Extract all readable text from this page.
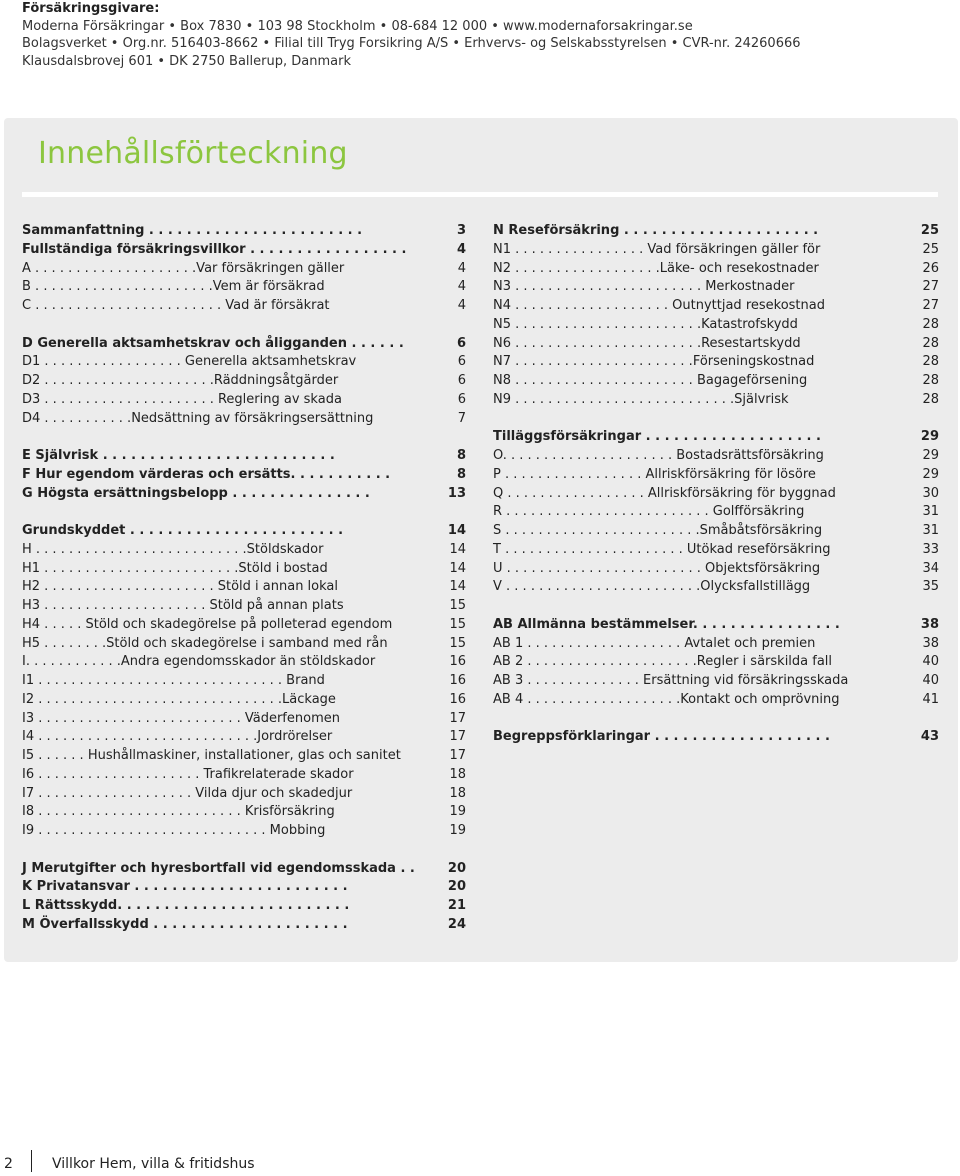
Försäkringsgivare:
Moderna Försäkringar • Box 7830 • 103 98 Stockholm • 08-684 12 000 • www.modernaforsakringar.se
Bolagsverket • Org.nr. 516403-8662 • Filial till Tryg Forsikring A/S • Erhvervs- og Selskabsstyrelsen • CVR-nr. 24260666
Klausdalsbrovej 601 • DK 2750 Ballerup, Danmark
Innehållsförteckning
Sammanfattning . . . . . . . . . . . . . . . . . . . . . . .	3
Fullständiga försäkringsvillkor . . . . . . . . . . . . . . . . .	4
A . . . . . . . . . . . . . . . . . . . .Var försäkringen gäller	4
B . . . . . . . . . . . . . . . . . . . . . .Vem är försäkrad	4
C . . . . . . . . . . . . . . . . . . . . . . . Vad är försäkrat	4
D Generella aktsamhetskrav och åligganden . . . . . .	6
D1 . . . . . . . . . . . . . . . . . Generella aktsamhetskrav	6
D2 . . . . . . . . . . . . . . . . . . . . .Räddningsåtgärder	6
D3 . . . . . . . . . . . . . . . . . . . . . Reglering av skada	6
D4 . . . . . . . . . . .Nedsättning av försäkringsersättning	7
E Självrisk . . . . . . . . . . . . . . . . . . . . . . . . .	8
F Hur egendom värderas och ersätts. . . . . . . . . . .	8
G Högsta ersättningsbelopp . . . . . . . . . . . . . . .	13
Grundskyddet . . . . . . . . . . . . . . . . . . . . . . .	14
H . . . . . . . . . . . . . . . . . . . . . . . . . .Stöldskador	14
H1 . . . . . . . . . . . . . . . . . . . . . . . .Stöld i bostad	14
H2 . . . . . . . . . . . . . . . . . . . . . Stöld i annan lokal	14
H3 . . . . . . . . . . . . . . . . . . . . Stöld på annan plats	15
H4 . . . . . Stöld och skadegörelse på polleterad egendom	15
H5 . . . . . . . .Stöld och skadegörelse i samband med rån	15
I. . . . . . . . . . . .Andra egendomsskador än stöldskador	16
I1 . . . . . . . . . . . . . . . . . . . . . . . . . . . . . . Brand	16
I2 . . . . . . . . . . . . . . . . . . . . . . . . . . . . . .Läckage	16
I3 . . . . . . . . . . . . . . . . . . . . . . . . . Väderfenomen	17
I4 . . . . . . . . . . . . . . . . . . . . . . . . . . .Jordrörelser	17
I5 . . . . . . Hushållmaskiner, installationer, glas och sanitet	17
I6 . . . . . . . . . . . . . . . . . . . . Trafikrelaterade skador	18
I7 . . . . . . . . . . . . . . . . . . . Vilda djur och skadedjur	18
I8 . . . . . . . . . . . . . . . . . . . . . . . . . Krisförsäkring	19
I9 . . . . . . . . . . . . . . . . . . . . . . . . . . . . Mobbing	19
J Merutgifter och hyresbortfall vid egendomsskada . .	20
K Privatansvar . . . . . . . . . . . . . . . . . . . . . . .	20
L Rättsskydd. . . . . . . . . . . . . . . . . . . . . . . . .	21
M Överfallsskydd . . . . . . . . . . . . . . . . . . . . .	24
N Reseförsäkring . . . . . . . . . . . . . . . . . . . . .	25
N1 . . . . . . . . . . . . . . . . Vad försäkringen gäller för	25
N2 . . . . . . . . . . . . . . . . . .Läke- och resekostnader	26
N3 . . . . . . . . . . . . . . . . . . . . . . . Merkostnader	27
N4 . . . . . . . . . . . . . . . . . . . Outnyttjad resekostnad	27
N5 . . . . . . . . . . . . . . . . . . . . . . .Katastrofskydd	28
N6 . . . . . . . . . . . . . . . . . . . . . . .Resestartskydd	28
N7 . . . . . . . . . . . . . . . . . . . . . .Förseningskostnad	28
N8 . . . . . . . . . . . . . . . . . . . . . . Bagageförsening	28
N9 . . . . . . . . . . . . . . . . . . . . . . . . . . .Självrisk	28
Tilläggsförsäkringar . . . . . . . . . . . . . . . . . . .	29
O. . . . . . . . . . . . . . . . . . . . . Bostadsrättsförsäkring	29
P . . . . . . . . . . . . . . . . . Allriskförsäkring för lösöre	29
Q . . . . . . . . . . . . . . . . . Allriskförsäkring för byggnad	30
R . . . . . . . . . . . . . . . . . . . . . . . . . Golfförsäkring	31
S . . . . . . . . . . . . . . . . . . . . . . . .Småbåtsförsäkring	31
T . . . . . . . . . . . . . . . . . . . . . . Utökad reseförsäkring	33
U . . . . . . . . . . . . . . . . . . . . . . . . Objektsförsäkring	34
V . . . . . . . . . . . . . . . . . . . . . . . .Olycksfallstillägg	35
AB Allmänna bestämmelser. . . . . . . . . . . . . . . .	38
AB 1 . . . . . . . . . . . . . . . . . . . Avtalet och premien	38
AB 2 . . . . . . . . . . . . . . . . . . . . .Regler i särskilda fall	40
AB 3 . . . . . . . . . . . . . . Ersättning vid försäkringsskada	40
AB 4 . . . . . . . . . . . . . . . . . . .Kontakt och omprövning	41
Begreppsförklaringar . . . . . . . . . . . . . . . . . . .	43
2	Villkor Hem, villa & fritidshus
